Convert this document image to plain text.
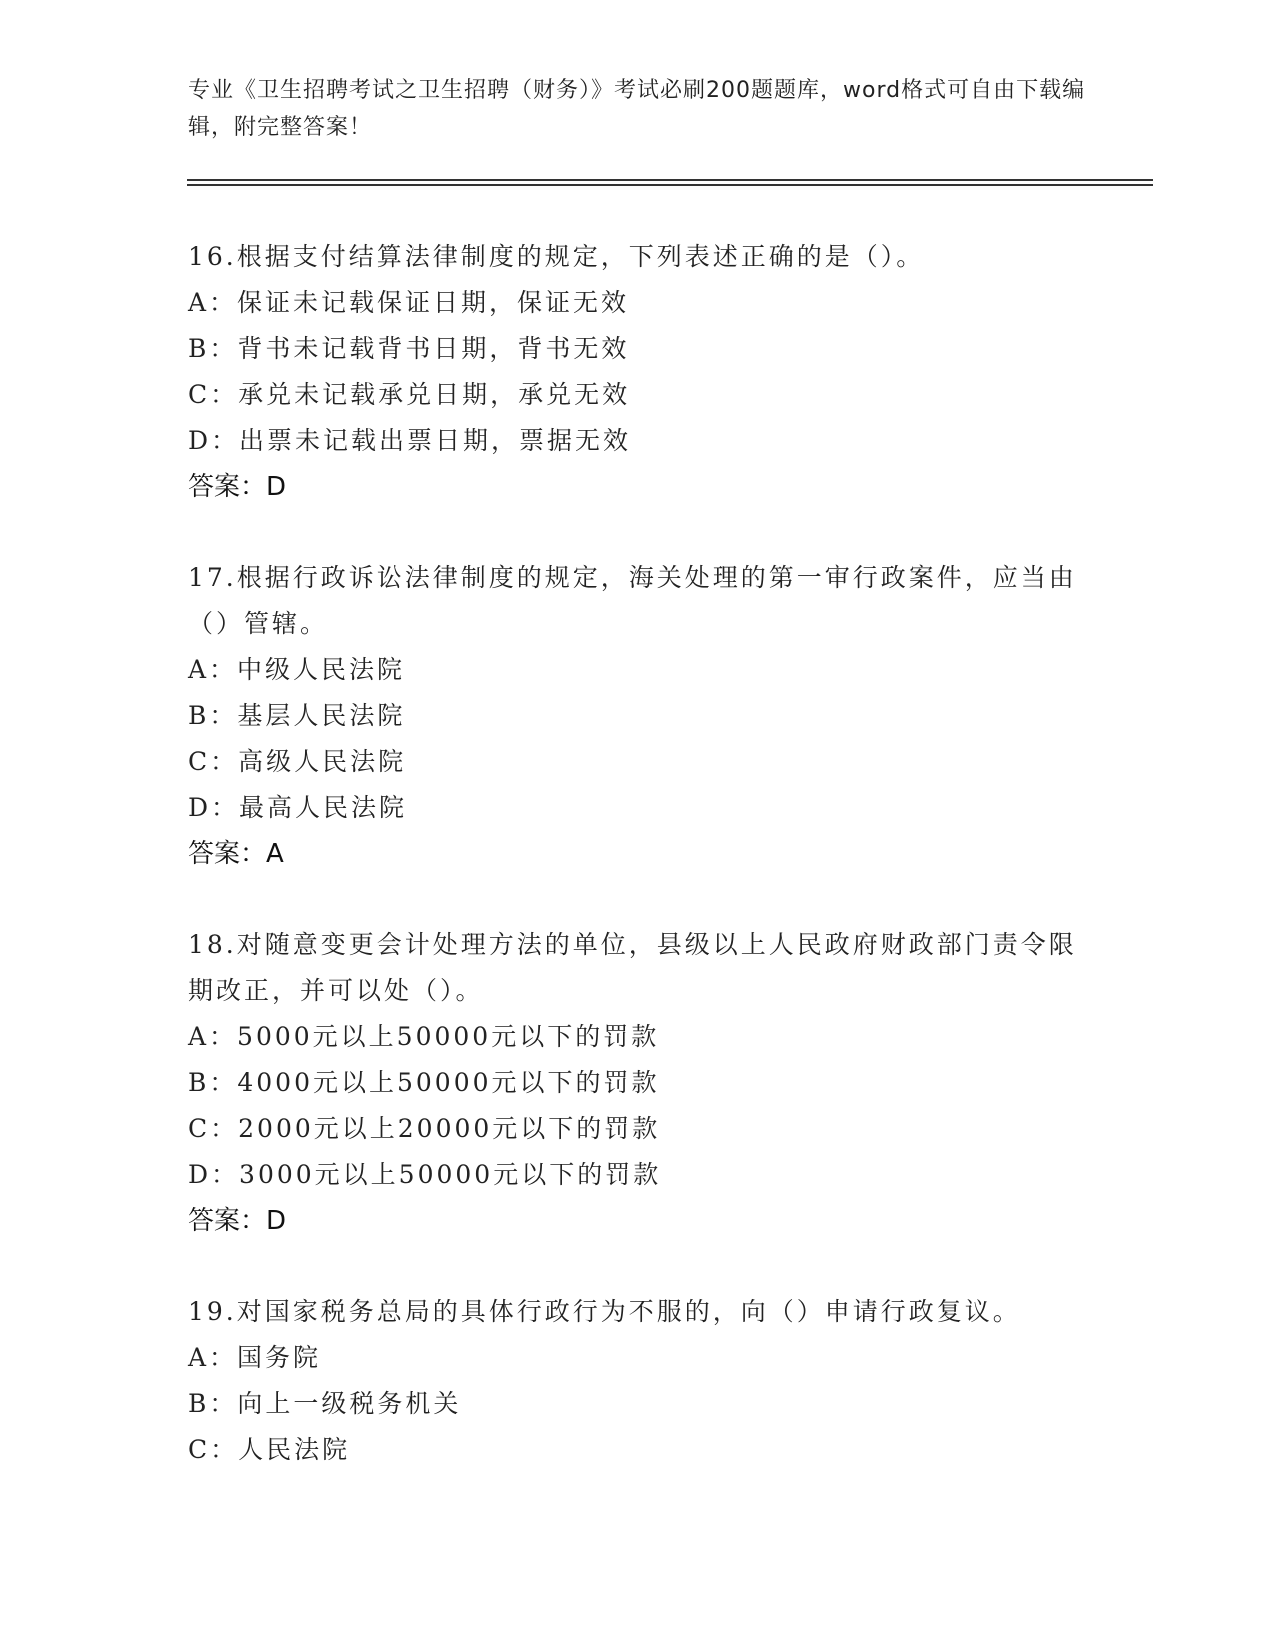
专业《卫生招聘考试之卫生招聘（财务）》考试必刷200题题库，word格式可自由下载编辑，附完整答案！
16.根据支付结算法律制度的规定，下列表述正确的是（）。
A：保证未记载保证日期，保证无效
B：背书未记载背书日期，背书无效
C：承兑未记载承兑日期，承兑无效
D：出票未记载出票日期，票据无效
答案：D
17.根据行政诉讼法律制度的规定，海关处理的第一审行政案件，应当由（）管辖。
A：中级人民法院
B：基层人民法院
C：高级人民法院
D：最高人民法院
答案：A
18.对随意变更会计处理方法的单位，县级以上人民政府财政部门责令限期改正，并可以处（）。
A：5000元以上50000元以下的罚款
B：4000元以上50000元以下的罚款
C：2000元以上20000元以下的罚款
D：3000元以上50000元以下的罚款
答案：D
19.对国家税务总局的具体行政行为不服的，向（）申请行政复议。
A：国务院
B：向上一级税务机关
C：人民法院
